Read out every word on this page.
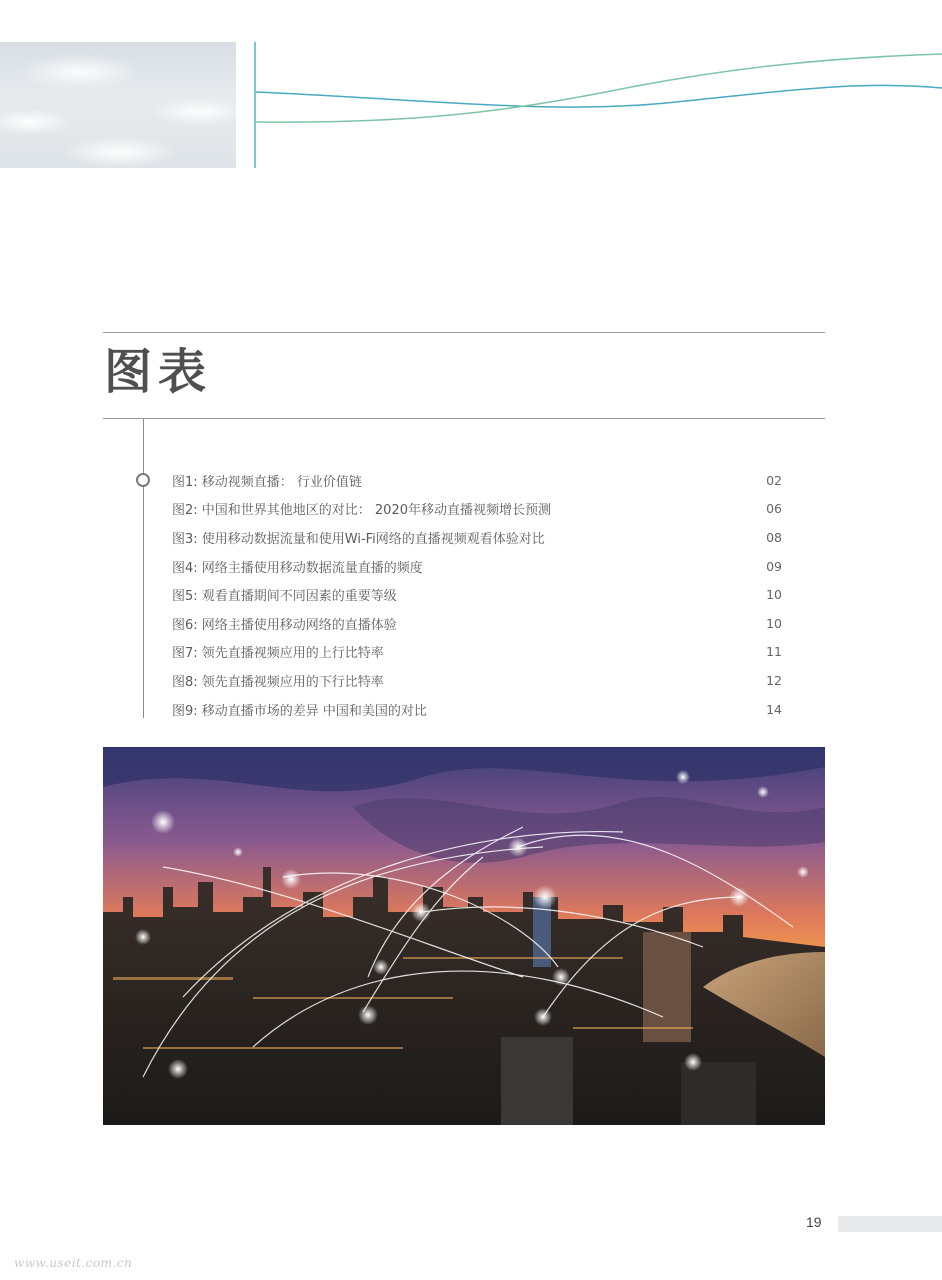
图表
图1: 移动视频直播： 行业价值链	02
图2: 中国和世界其他地区的对比： 2020年移动直播视频增长预测	06
图3: 使用移动数据流量和使用Wi-Fi网络的直播视频观看体验对比	08
图4: 网络主播使用移动数据流量直播的频度	09
图5: 观看直播期间不同因素的重要等级	10
图6: 网络主播使用移动网络的直播体验	10
图7: 领先直播视频应用的上行比特率	11
图8: 领先直播视频应用的下行比特率	12
图9: 移动直播市场的差异 中国和美国的对比	14
19
www.useit.com.cn
